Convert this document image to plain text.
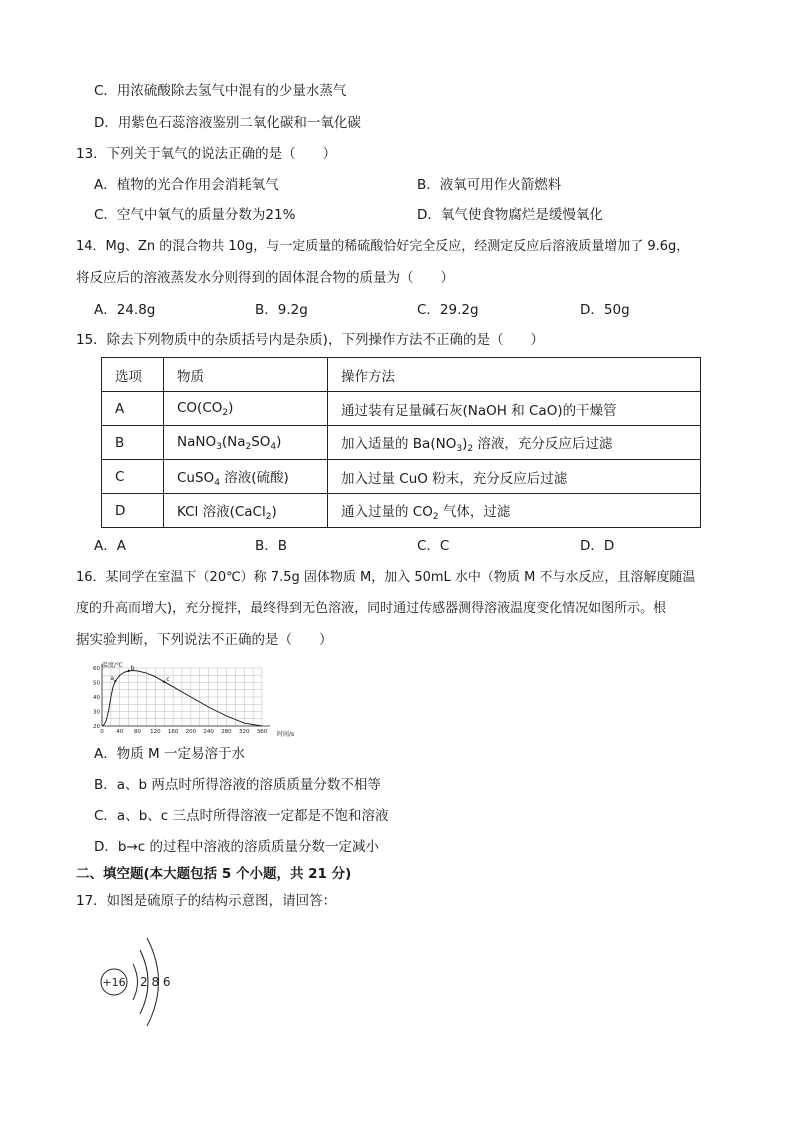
C．用浓硫酸除去氢气中混有的少量水蒸气
D．用紫色石蕊溶液鉴别二氧化碳和一氧化碳
13．下列关于氧气的说法正确的是（　　）
A．植物的光合作用会消耗氧气	B．液氧可用作火箭燃料
C．空气中氧气的质量分数为21%	D．氧气使食物腐烂是缓慢氧化
14．Mg、Zn 的混合物共 10g，与一定质量的稀硫酸恰好完全反应，经测定反应后溶液质量增加了 9.6g，
将反应后的溶液蒸发水分则得到的固体混合物的质量为（　　）
A．24.8g	B．9.2g	C．29.2g	D．50g
15．除去下列物质中的杂质括号内是杂质)，下列操作方法不正确的是（　　）
选项	物质	操作方法
A	$CO(CO_2)$	通过装有足量碱石灰(NaOH 和 CaO)的干燥管
B	$NaNO_3(Na_2SO_4)$	加入适量的 $Ba(NO_3)_2$ 溶液，充分反应后过滤
C	CuSO$_4$ 溶液(硫酸)	加入过量 CuO 粉末，充分反应后过滤
D	KCl 溶液(CaCl$_2$)	通入过量的 $CO_2$ 气体，过滤
A．A	B．B	C．C	D．D
16．某同学在室温下（20℃）称 7.5g 固体物质 M，加入 50mL 水中（物质 M 不与水反应，且溶解度随温
度的升高而增大)，充分搅拌，最终得到无色溶液，同时通过传感器测得溶液温度变化情况如图所示。根
据实验判断，下列说法不正确的是（　　）
0 40 80 120 160 200 240 280 320 360
20
30
40
50
60
a
b
c
温度/℃
时间/s
A．物质 M 一定易溶于水
B．a、b 两点时所得溶液的溶质质量分数不相等
C．a、b、c 三点时所得溶液一定都是不饱和溶液
D．b→c 的过程中溶液的溶质质量分数一定减小
二、填空题(本大题包括 5 个小题，共 21 分)
17．如图是硫原子的结构示意图，请回答：
+16 2 8 6
